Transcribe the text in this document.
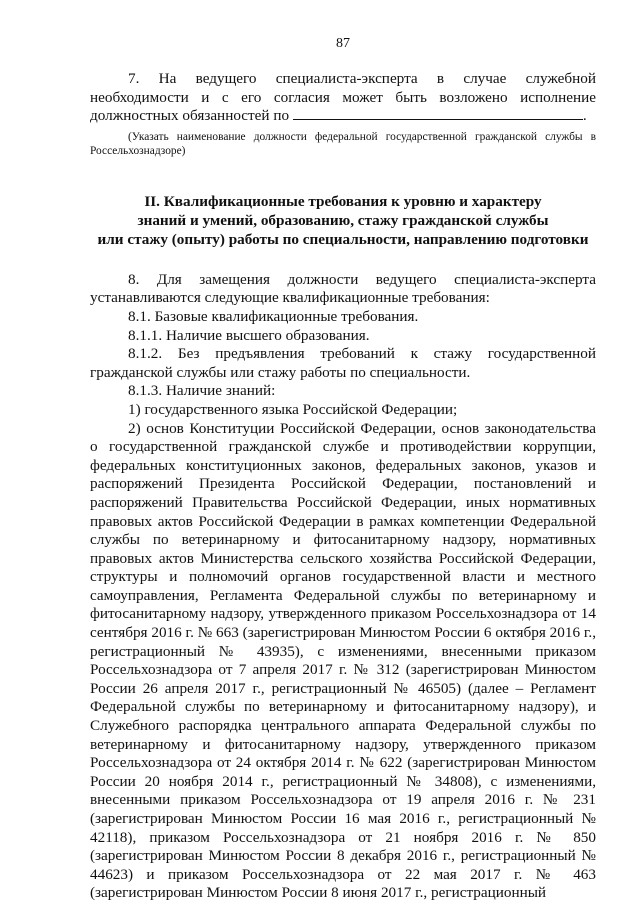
87

7. На ведущего специалиста-эксперта в случае служебной необходимости и с его согласия может быть возложено исполнение должностных обязанностей по	.

(Указать наименование должности федеральной государственной гражданской службы в Россельхознадзоре)

II. Квалификационные требования к уровню и характеру
знаний и умений, образованию, стажу гражданской службы
или стажу (опыту) работы по специальности, направлению подготовки

8. Для замещения должности ведущего специалиста-эксперта устанавливаются следующие квалификационные требования:

8.1. Базовые квалификационные требования.

8.1.1. Наличие высшего образования.

8.1.2. Без предъявления требований к стажу государственной гражданской службы или стажу работы по специальности.

8.1.3. Наличие знаний:

1) государственного языка Российской Федерации;

2) основ Конституции Российской Федерации, основ законодательства о государственной гражданской службе и противодействии коррупции, федеральных конституционных законов, федеральных законов, указов и распоряжений Президента Российской Федерации, постановлений и распоряжений Правительства Российской Федерации, иных нормативных правовых актов Российской Федерации в рамках компетенции Федеральной службы по ветеринарному и фитосанитарному надзору, нормативных правовых актов Министерства сельского хозяйства Российской Федерации, структуры и полномочий органов государственной власти и местного самоуправления, Регламента Федеральной службы по ветеринарному и фитосанитарному надзору, утвержденного приказом Россельхознадзора от 14 сентября 2016 г. № 663 (зарегистрирован Минюстом России 6 октября 2016 г., регистрационный № 43935), с изменениями, внесенными приказом Россельхознадзора от 7 апреля 2017 г. № 312 (зарегистрирован Минюстом России 26 апреля 2017 г., регистрационный № 46505) (далее – Регламент Федеральной службы по ветеринарному и фитосанитарному надзору), и Служебного распорядка центрального аппарата Федеральной службы по ветеринарному и фитосанитарному надзору, утвержденного приказом Россельхознадзора от 24 октября 2014 г. № 622 (зарегистрирован Минюстом России 20 ноября 2014 г., регистрационный № 34808), с изменениями, внесенными приказом Россельхознадзора от 19 апреля 2016 г. № 231 (зарегистрирован Минюстом России 16 мая 2016 г., регистрационный № 42118), приказом Россельхознадзора от 21 ноября 2016 г. № 850 (зарегистрирован Минюстом России 8 декабря 2016 г., регистрационный № 44623) и приказом Россельхознадзора от 22 мая 2017 г. № 463 (зарегистрирован Минюстом России 8 июня 2017 г., регистрационный
